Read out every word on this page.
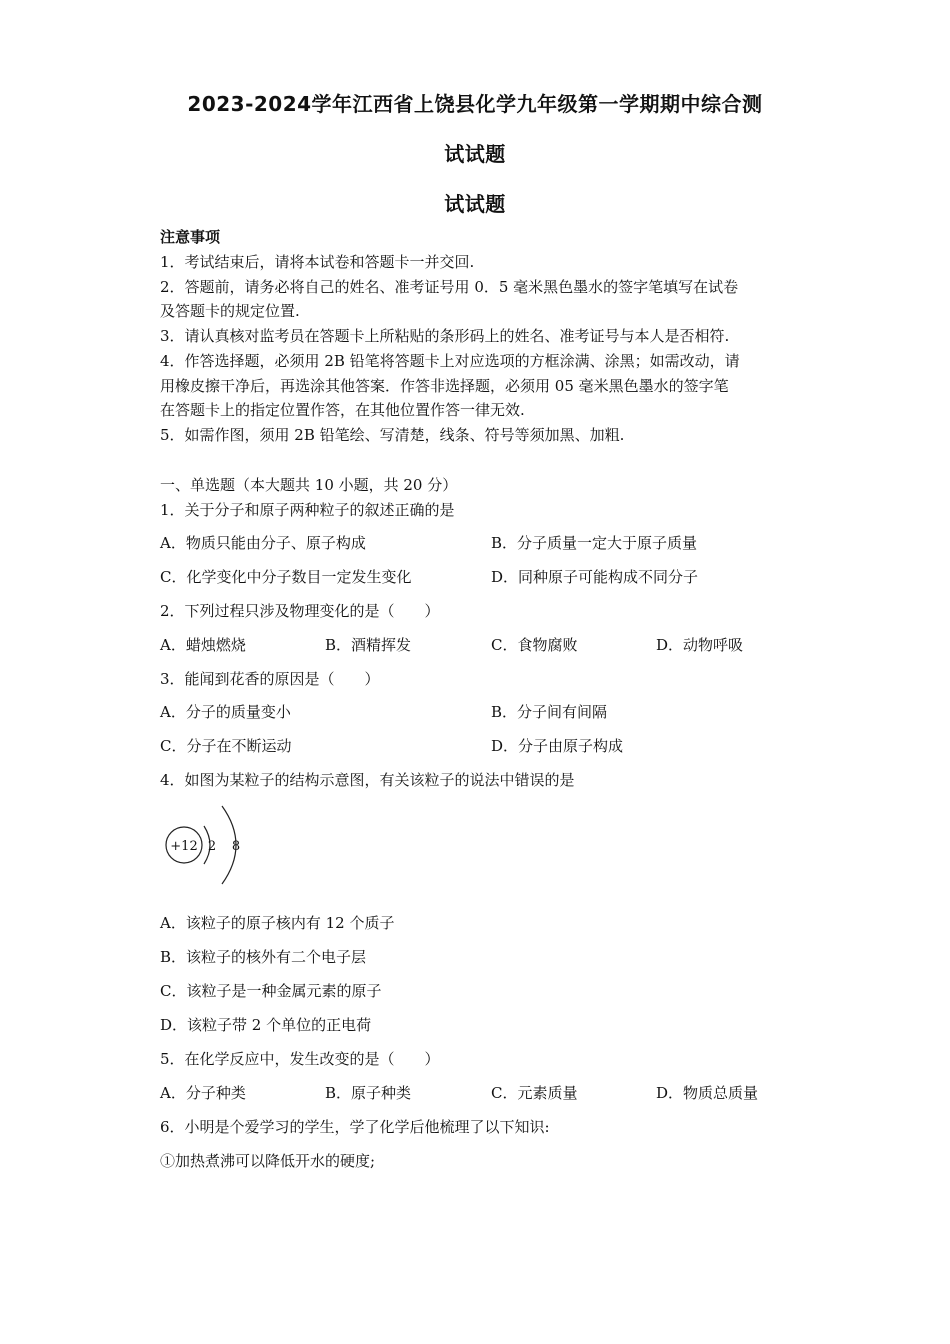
2023-2024学年江西省上饶县化学九年级第一学期期中综合测
试试题
试试题
注意事项
1．考试结束后，请将本试卷和答题卡一并交回.
2．答题前，请务必将自己的姓名、准考证号用 0．5 毫米黑色墨水的签字笔填写在试卷
及答题卡的规定位置.
3．请认真核对监考员在答题卡上所粘贴的条形码上的姓名、准考证号与本人是否相符.
4．作答选择题，必须用 2B 铅笔将答题卡上对应选项的方框涂满、涂黑；如需改动，请
用橡皮擦干净后，再选涂其他答案．作答非选择题，必须用 05 毫米黑色墨水的签字笔
在答题卡上的指定位置作答，在其他位置作答一律无效.
5．如需作图，须用 2B 铅笔绘、写清楚，线条、符号等须加黑、加粗.
一、单选题（本大题共 10 小题，共 20 分）
1．关于分子和原子两种粒子的叙述正确的是
A．物质只能由分子、原子构成	B．分子质量一定大于原子质量
C．化学变化中分子数目一定发生变化	D．同种原子可能构成不同分子
2．下列过程只涉及物理变化的是（　　）
A．蜡烛燃烧	B．酒精挥发	C．食物腐败	D．动物呼吸
3．能闻到花香的原因是（　　）
A．分子的质量变小	B．分子间有间隔
C．分子在不断运动	D．分子由原子构成
4．如图为某粒子的结构示意图，有关该粒子的说法中错误的是
+12 2 8
A．该粒子的原子核内有 12 个质子
B．该粒子的核外有二个电子层
C．该粒子是一种金属元素的原子
D．该粒子带 2 个单位的正电荷
5．在化学反应中，发生改变的是（　　）
A．分子种类	B．原子种类	C．元素质量	D．物质总质量
6．小明是个爱学习的学生，学了化学后他梳理了以下知识:
①加热煮沸可以降低开水的硬度;
